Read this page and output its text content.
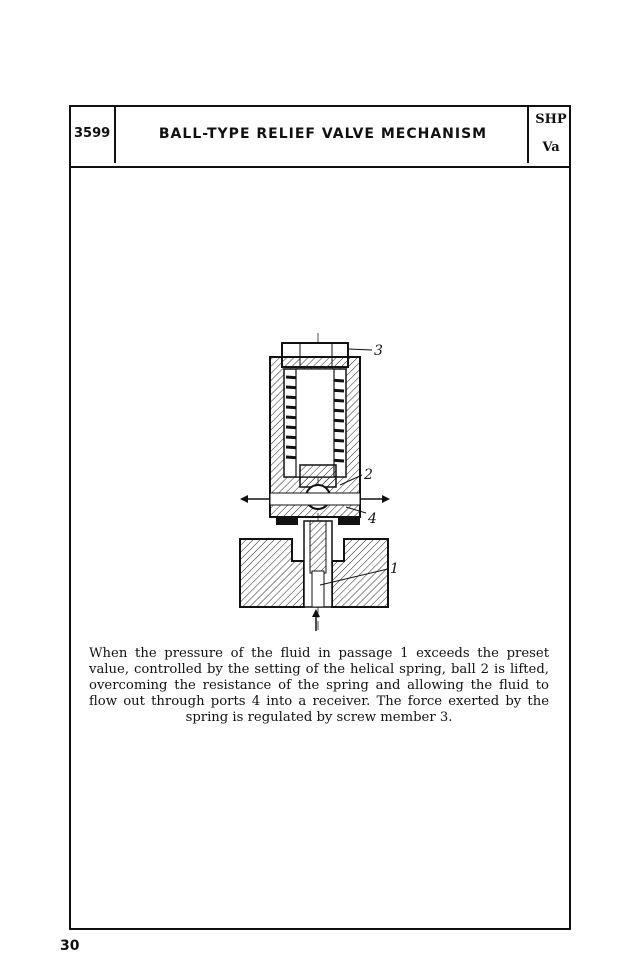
3599	BALL-TYPE RELIEF VALVE MECHANISM
SHP
Va
3
2
4
1
When the pressure of the fluid in passage 1 exceeds the preset value, controlled by the setting of the helical spring, ball 2 is lifted, overcoming the resistance of the spring and allowing the fluid to flow out through ports 4 into a receiver. The force exerted by the spring is regulated by screw member 3.
30
